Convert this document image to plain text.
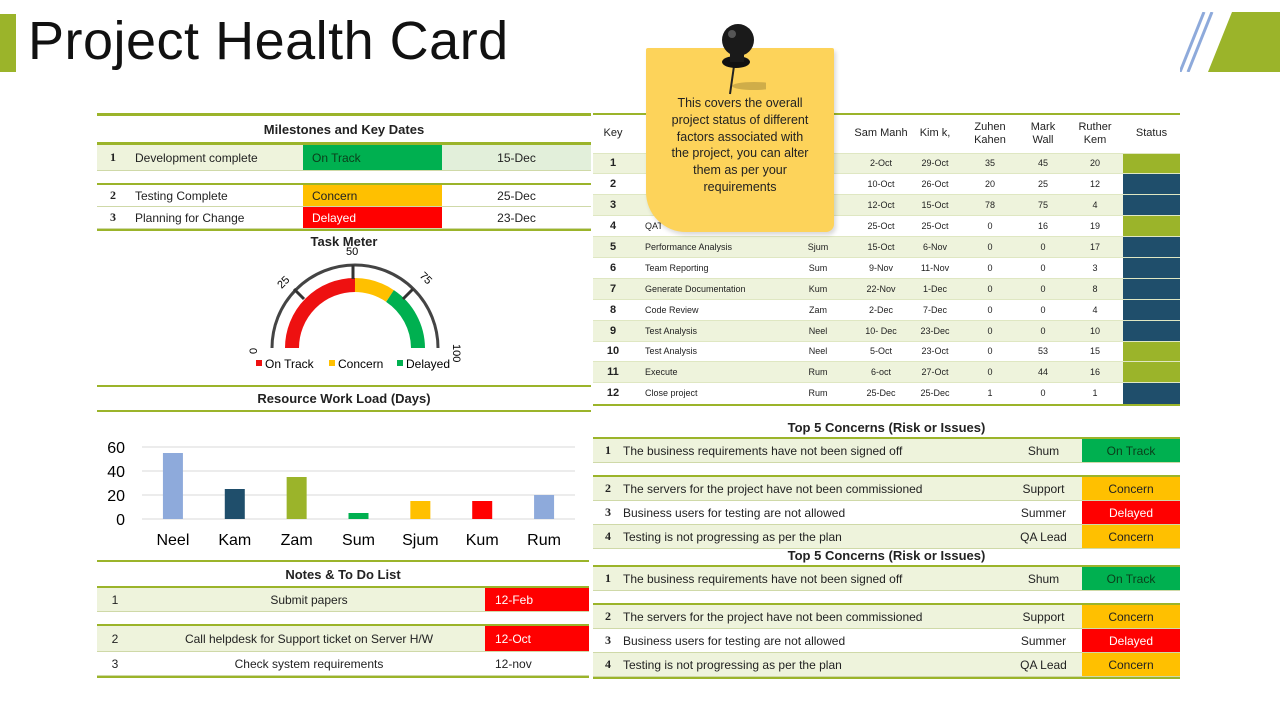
Project Health Card
Milestones and Key Dates
1	Development complete	On Track	15-Dec
2	Testing Complete	Concern	25-Dec
3	Planning for Change	Delayed	23-Dec
Task Meter
0
25
50
75
100
On Track Concern Delayed
Resource Work Load (Days)
0
20
40
60
Neel Kam Zam Sum Sjum Kum Rum
Notes & To Do List
1	Submit papers	12-Feb
2	Call helpdesk for Support ticket on Server H/W	12-Oct
3	Check system requirements	12-nov
Key			Sam Manh	Kim k,	Zuhen Kahen	Mark Wall	Ruther Kem	Status
1			2-Oct	29-Oct	35	45	20	
2			10-Oct	26-Oct	20	25	12	
3			12-Oct	15-Oct	78	75	4	
4	QAT		25-Oct	25-Oct	0	16	19	
5	Performance Analysis	Sjum	15-Oct	6-Nov	0	0	17	
6	Team Reporting	Sum	9-Nov	11-Nov	0	0	3	
7	Generate Documentation	Kum	22-Nov	1-Dec	0	0	8	
8	Code Review	Zam	2-Dec	7-Dec	0	0	4	
9	Test Analysis	Neel	10- Dec	23-Dec	0	0	10	
10	Test Analysis	Neel	5-Oct	23-Oct	0	53	15	
11	Execute	Rum	6-oct	27-Oct	0	44	16	
12	Close project	Rum	25-Dec	25-Dec	1	0	1	
This covers the overall project status of different factors associated with the project, you can alter them as per your requirements
Top 5 Concerns (Risk or Issues)
1	The business requirements have not been signed off	Shum	On Track
2	The servers for the project have not been commissioned	Support	Concern
3	Business users for testing are not allowed	Summer	Delayed
4	Testing is not progressing as per the plan	QA Lead	Concern
Top 5 Concerns (Risk or Issues)
1	The business requirements have not been signed off	Shum	On Track
2	The servers for the project have not been commissioned	Support	Concern
3	Business users for testing are not allowed	Summer	Delayed
4	Testing is not progressing as per the plan	QA Lead	Concern
